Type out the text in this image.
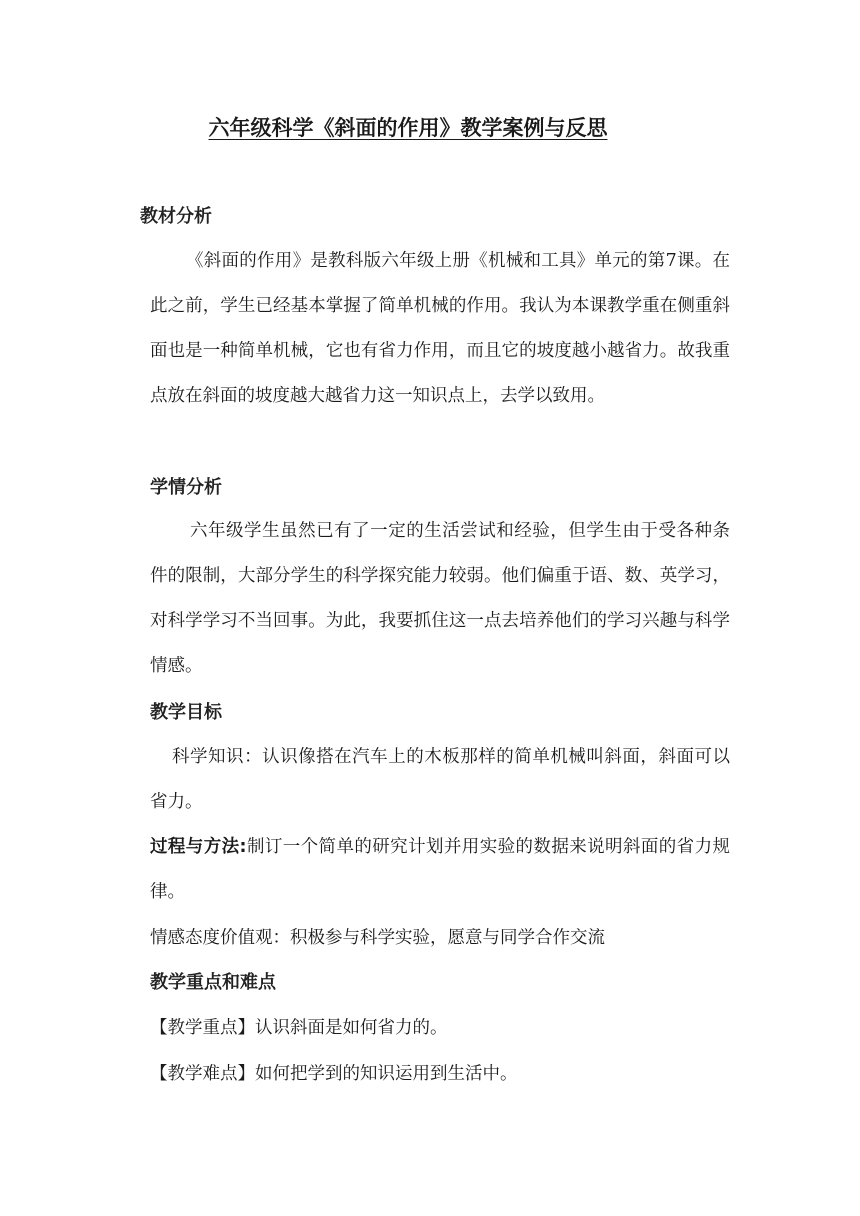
六年级科学《斜面的作用》教学案例与反思
教材分析

《斜面的作用》是教科版六年级上册《机械和工具》单元的第7课。在此之前，学生已经基本掌握了简单机械的作用。我认为本课教学重在侧重斜面也是一种简单机械，它也有省力作用，而且它的坡度越小越省力。故我重点放在斜面的坡度越大越省力这一知识点上，去学以致用。

学情分析

六年级学生虽然已有了一定的生活尝试和经验，但学生由于受各种条件的限制，大部分学生的科学探究能力较弱。他们偏重于语、数、英学习，对科学学习不当回事。为此，我要抓住这一点去培养他们的学习兴趣与科学情感。

教学目标

科学知识：认识像搭在汽车上的木板那样的简单机械叫斜面，斜面可以省力。

过程与方法:制订一个简单的研究计划并用实验的数据来说明斜面的省力规律。

情感态度价值观：积极参与科学实验，愿意与同学合作交流

教学重点和难点

【教学重点】认识斜面是如何省力的。

【教学难点】如何把学到的知识运用到生活中。
